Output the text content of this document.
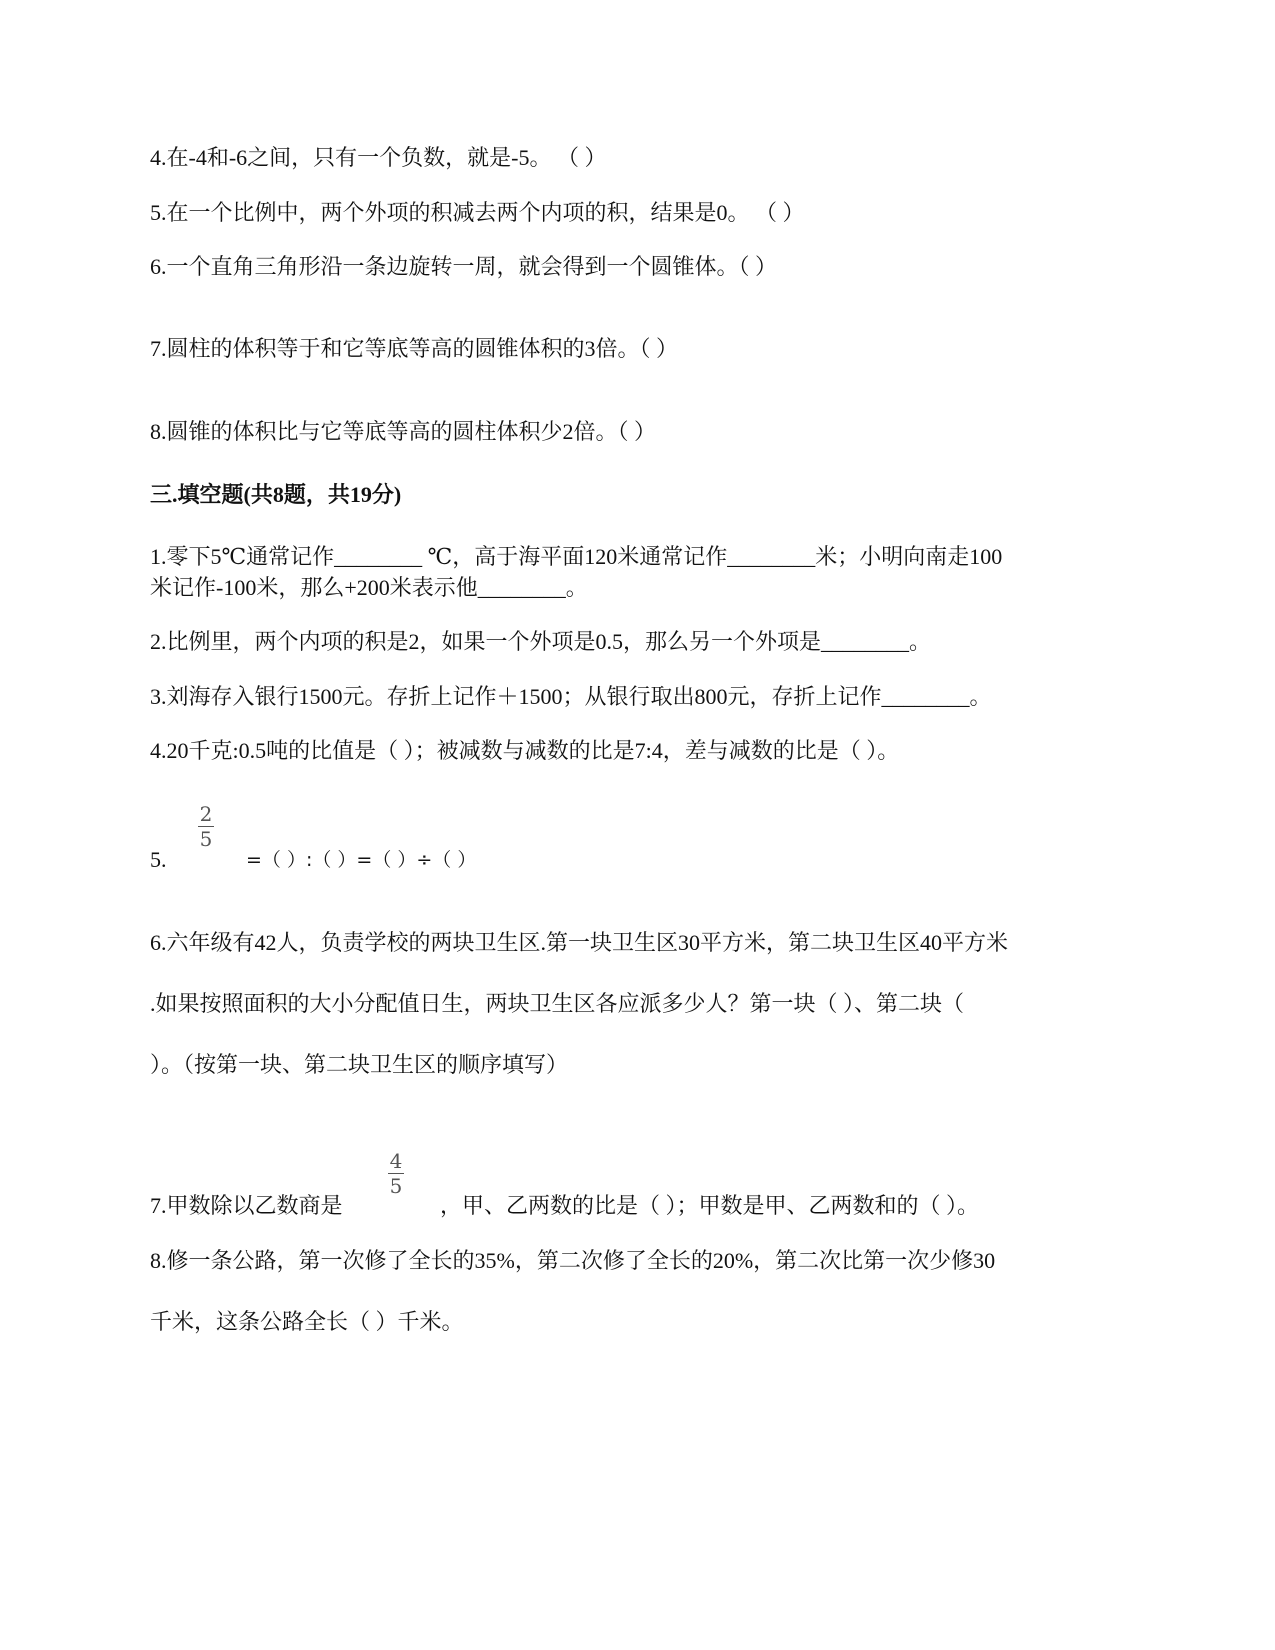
4.在-4和-6之间，只有一个负数，就是-5。 （ ）
5.在一个比例中，两个外项的积减去两个内项的积，结果是0。 （ ）
6.一个直角三角形沿一条边旋转一周，就会得到一个圆锥体。（ ）
7.圆柱的体积等于和它等底等高的圆锥体积的3倍。（ ）
8.圆锥的体积比与它等底等高的圆柱体积少2倍。（ ）
三.填空题(共8题，共19分)
1.零下5℃通常记作________ ℃，高于海平面120米通常记作________米；小明向南走100
米记作-100米，那么+200米表示他________。
2.比例里，两个内项的积是2，如果一个外项是0.5，那么另一个外项是________。
3.刘海存入银行1500元。存折上记作＋1500；从银行取出800元，存折上记作________。
4.20千克:0.5吨的比值是（ ）；被减数与减数的比是7:4，差与减数的比是（ ）。
5.
2
5
=（ ）:（ ）=（ ）÷（ ）
6.六年级有42人，负责学校的两块卫生区.第一块卫生区30平方米，第二块卫生区40平方米
.如果按照面积的大小分配值日生，两块卫生区各应派多少人？第一块（ ）、第二块（
）。（按第一块、第二块卫生区的顺序填写）
7.甲数除以乙数商是
4
5
，甲、乙两数的比是（ ）；甲数是甲、乙两数和的（ ）。
8.修一条公路，第一次修了全长的35%，第二次修了全长的20%，第二次比第一次少修30
千米，这条公路全长（ ）千米。
